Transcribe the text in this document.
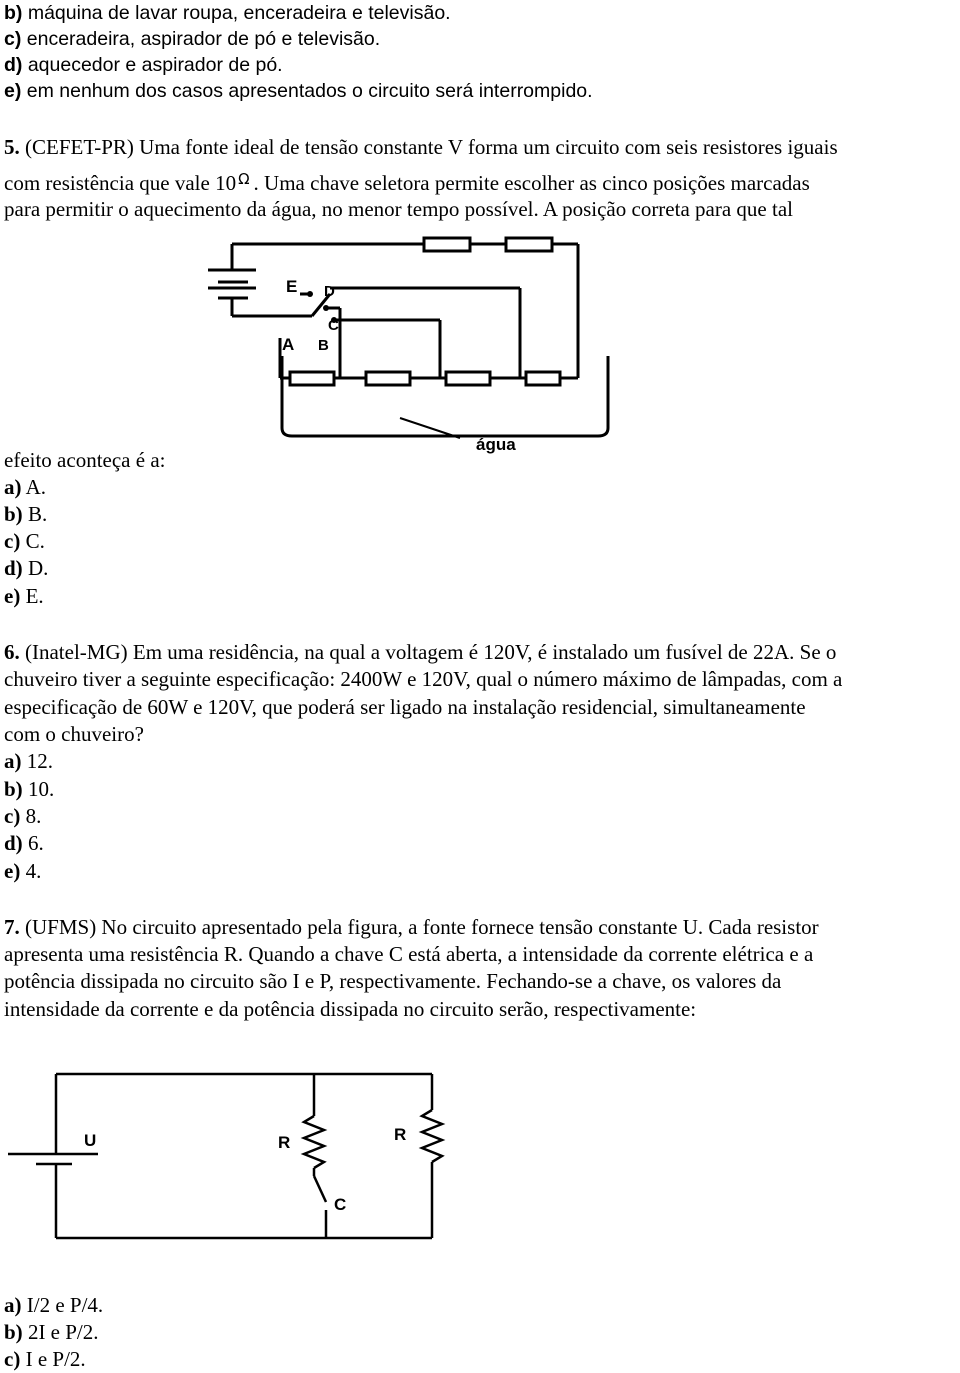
b) máquina de lavar roupa, enceradeira e televisão.
c) enceradeira, aspirador de pó e televisão.
d) aquecedor e aspirador de pó.
e) em nenhum dos casos apresentados o circuito será interrompido.
5. (CEFET-PR) Uma fonte ideal de tensão constante V forma um circuito com seis resistores iguais
com resistência que vale 10 $^\Omega$ . Uma chave seletora permite escolher as cinco posições marcadas
para permitir o aquecimento da água, no menor tempo possível. A posição correta para que tal
E D
C
A B
água
efeito aconteça é a:
a) A.
b) B.
c) C.
d) D.
e) E.
6. (Inatel-MG) Em uma residência, na qual a voltagem é 120V, é instalado um fusível de 22A. Se o
chuveiro tiver a seguinte especificação: 2400W e 120V, qual o número máximo de lâmpadas, com a
especificação de 60W e 120V, que poderá ser ligado na instalação residencial, simultaneamente
com o chuveiro?
a) 12.
b) 10.
c) 8.
d) 6.
e) 4.
7. (UFMS) No circuito apresentado pela figura, a fonte fornece tensão constante U. Cada resistor
apresenta uma resistência R. Quando a chave C está aberta, a intensidade da corrente elétrica e a
potência dissipada no circuito são I e P, respectivamente. Fechando-se a chave, os valores da
intensidade da corrente e da potência dissipada no circuito serão, respectivamente:
U	R	R
C
a) I/2 e P/4.
b) 2I e P/2.
c) I e P/2.
